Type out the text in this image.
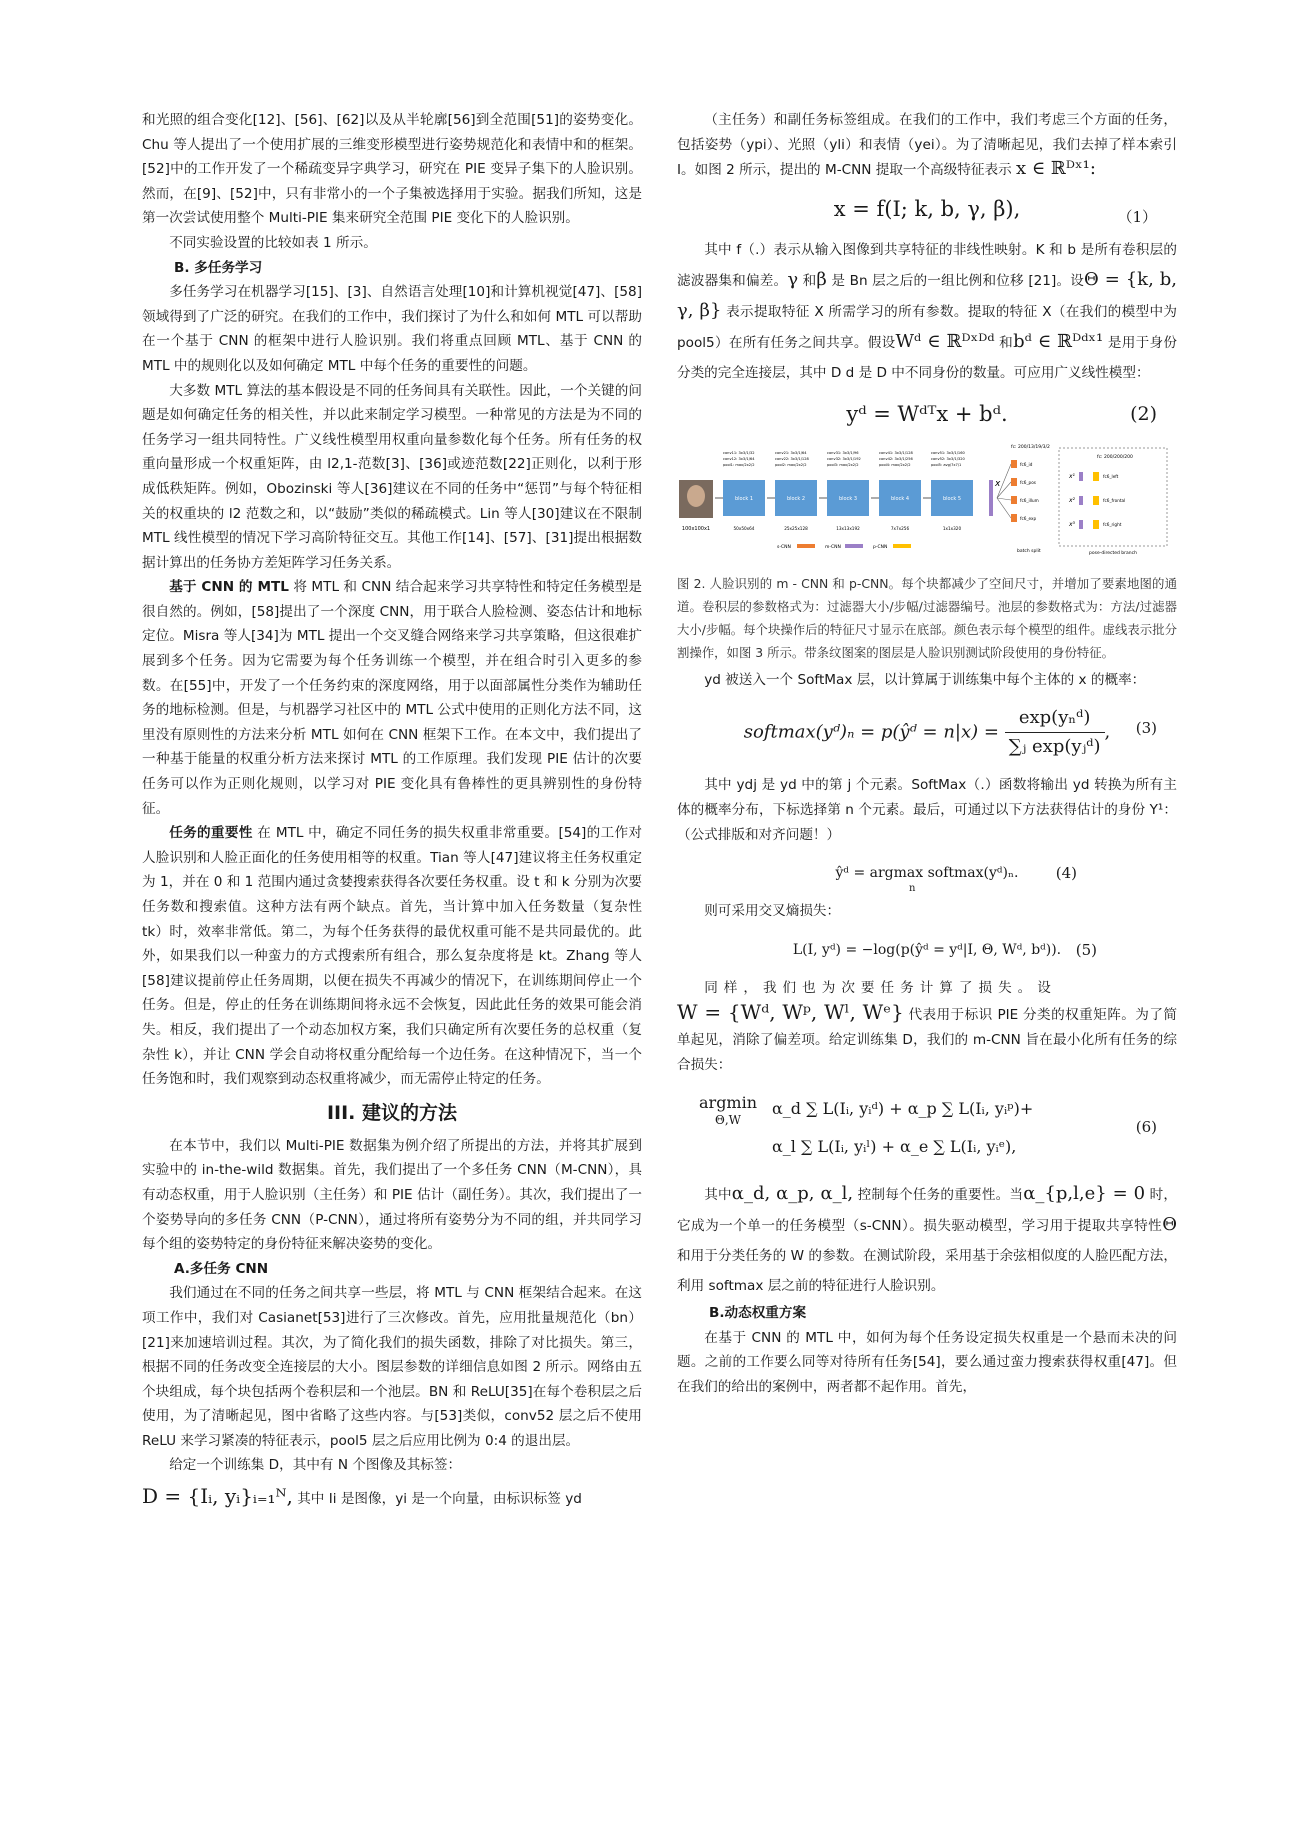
和光照的组合变化[12]、[56]、[62]以及从半轮廓[56]到全范围[51]的姿势变化。Chu 等人提出了一个使用扩展的三维变形模型进行姿势规范化和表情中和的框架。[52]中的工作开发了一个稀疏变异字典学习，研究在 PIE 变异子集下的人脸识别。然而，在[9]、[52]中，只有非常小的一个子集被选择用于实验。据我们所知，这是第一次尝试使用整个 Multi-PIE 集来研究全范围 PIE 变化下的人脸识别。

不同实验设置的比较如表 1 所示。

B. 多任务学习

多任务学习在机器学习[15]、[3]、自然语言处理[10]和计算机视觉[47]、[58]领域得到了广泛的研究。在我们的工作中，我们探讨了为什么和如何 MTL 可以帮助在一个基于 CNN 的框架中进行人脸识别。我们将重点回顾 MTL、基于 CNN 的 MTL 中的规则化以及如何确定 MTL 中每个任务的重要性的问题。

大多数 MTL 算法的基本假设是不同的任务间具有关联性。因此，一个关键的问题是如何确定任务的相关性，并以此来制定学习模型。一种常见的方法是为不同的任务学习一组共同特性。广义线性模型用权重向量参数化每个任务。所有任务的权重向量形成一个权重矩阵，由 l2,1-范数[3]、[36]或迹范数[22]正则化，以利于形成低秩矩阵。例如，Obozinski 等人[36]建议在不同的任务中“惩罚”与每个特征相关的权重块的 l2 范数之和，以“鼓励”类似的稀疏模式。Lin 等人[30]建议在不限制 MTL 线性模型的情况下学习高阶特征交互。其他工作[14]、[57]、[31]提出根据数据计算出的任务协方差矩阵学习任务关系。

基于 CNN 的 MTL 将 MTL 和 CNN 结合起来学习共享特性和特定任务模型是很自然的。例如，[58]提出了一个深度 CNN，用于联合人脸检测、姿态估计和地标定位。Misra 等人[34]为 MTL 提出一个交叉缝合网络来学习共享策略，但这很难扩展到多个任务。因为它需要为每个任务训练一个模型，并在组合时引入更多的参数。在[55]中，开发了一个任务约束的深度网络，用于以面部属性分类作为辅助任务的地标检测。但是，与机器学习社区中的 MTL 公式中使用的正则化方法不同，这里没有原则性的方法来分析 MTL 如何在 CNN 框架下工作。在本文中，我们提出了一种基于能量的权重分析方法来探讨 MTL 的工作原理。我们发现 PIE 估计的次要任务可以作为正则化规则，以学习对 PIE 变化具有鲁棒性的更具辨别性的身份特征。

任务的重要性 在 MTL 中，确定不同任务的损失权重非常重要。[54]的工作对人脸识别和人脸正面化的任务使用相等的权重。Tian 等人[47]建议将主任务权重定为 1，并在 0 和 1 范围内通过贪婪搜索获得各次要任务权重。设 t 和 k 分别为次要任务数和搜索值。这种方法有两个缺点。首先，当计算中加入任务数量（复杂性 tk）时，效率非常低。第二，为每个任务获得的最优权重可能不是共同最优的。此外，如果我们以一种蛮力的方式搜索所有组合，那么复杂度将是 kt。Zhang 等人[58]建议提前停止任务周期，以便在损失不再减少的情况下，在训练期间停止一个任务。但是，停止的任务在训练期间将永远不会恢复，因此此任务的效果可能会消失。相反，我们提出了一个动态加权方案，我们只确定所有次要任务的总权重（复杂性 k），并让 CNN 学会自动将权重分配给每一个边任务。在这种情况下，当一个任务饱和时，我们观察到动态权重将减少，而无需停止特定的任务。

III. 建议的方法

在本节中，我们以 Multi-PIE 数据集为例介绍了所提出的方法，并将其扩展到实验中的 in-the-wild 数据集。首先，我们提出了一个多任务 CNN（M-CNN），具有动态权重，用于人脸识别（主任务）和 PIE 估计（副任务）。其次，我们提出了一个姿势导向的多任务 CNN（P-CNN），通过将所有姿势分为不同的组，并共同学习每个组的姿势特定的身份特征来解决姿势的变化。

A.多任务 CNN

我们通过在不同的任务之间共享一些层，将 MTL 与 CNN 框架结合起来。在这项工作中，我们对 Casianet[53]进行了三次修改。首先，应用批量规范化（bn）[21]来加速培训过程。其次，为了简化我们的损失函数，排除了对比损失。第三，根据不同的任务改变全连接层的大小。图层参数的详细信息如图 2 所示。网络由五个块组成，每个块包括两个卷积层和一个池层。BN 和 ReLU[35]在每个卷积层之后使用，为了清晰起见，图中省略了这些内容。与[53]类似，conv52 层之后不使用 ReLU 来学习紧凑的特征表示，pool5 层之后应用比例为 0:4 的退出层。

给定一个训练集 D，其中有 N 个图像及其标签：

D = {Iᵢ, yᵢ}ᵢ₌₁ᴺ, 其中 Ii 是图像，yi 是一个向量，由标识标签 yd

（主任务）和副任务标签组成。在我们的工作中，我们考虑三个方面的任务，包括姿势（ypi）、光照（yli）和表情（yei）。为了清晰起见，我们去掉了样本索引 I。如图 2 所示，提出的 M-CNN 提取一个高级特征表示 x ∈ ℝᴰˣ¹:

x = f(I; k, b, γ, β),	（1）

其中 f（.）表示从输入图像到共享特征的非线性映射。K 和 b 是所有卷积层的滤波器集和偏差。γ 和β 是 Bn 层之后的一组比例和位移 [21]。设Θ = {k, b, γ, β} 表示提取特征 X 所需学习的所有参数。提取的特征 X（在我们的模型中为 pool5）在所有任务之间共享。假设Wᵈ ∈ ℝᴰˣᴰᵈ 和bᵈ ∈ ℝᴰᵈˣ¹ 是用于身份分类的完全连接层，其中 D d 是 D 中不同身份的数量。可应用广义线性模型：

yᵈ = Wᵈᵀx + bᵈ.	(2)
100x100x1
block 1
conv11: 3x3/1/32
conv12: 3x3/1/64
pool1: max/2x2/2
50x50x64
block 2
conv21: 3x3/1/64
conv22: 3x3/1/128
pool2: max/2x2/2
25x25x128
block 3
conv31: 3x3/1/96
conv32: 3x3/1/192
pool3: max/2x2/2
13x13x192
block 4
conv41: 3x3/1/128
conv42: 3x3/1/256
pool4: max/2x2/2
7x7x256
block 5
conv51: 3x3/1/160
conv52: 3x3/1/320
pool5: avg/7x7/1
1x1x320
x
fc: 200/13/19/3/2
fc6_id
fc6_pos
fc6_illum
fc6_exp
fc: 200/200/200
x¹	fc6_left
x²	fc6_frontal
x³	fc6_right
pose-directed branch
batch split
s-CNN	m-CNN	p-CNN

图 2. 人脸识别的 m - CNN 和 p-CNN。每个块都减少了空间尺寸，并增加了要素地图的通道。卷积层的参数格式为：过滤器大小/步幅/过滤器编号。池层的参数格式为：方法/过滤器大小/步幅。每个块操作后的特征尺寸显示在底部。颜色表示每个模型的组件。虚线表示批分割操作，如图 3 所示。带条纹图案的图层是人脸识别测试阶段使用的身份特征。

yd 被送入一个 SoftMax 层，以计算属于训练集中每个主体的 x 的概率：

softmax(yᵈ)ₙ = p(ŷᵈ = $n|x) = \frac{\text{exp(yₙᵈ)}}{\text{∑ⱼ exp(yⱼᵈ)}}$ , (3)

其中 ydj 是 yd 中的第 j 个元素。SoftMax（.）函数将输出 yd 转换为所有主体的概率分布，下标选择第 n 个元素。最后，可通过以下方法获得估计的身份 Y¹：（公式排版和对齐问题！）

ŷᵈ = argmax softmax(yᵈ)ₙ.
n
(4)

则可采用交叉熵损失：

L(I, yᵈ) = −log(p(ŷᵈ = yᵈ|I, Θ, Wᵈ, bᵈ)). (5)

同样，我们也为次要任务计算了损失。设

W = {Wᵈ, Wᵖ, Wˡ, Wᵉ} 代表用于标识 PIE 分类的权重矩阵。为了简单起见，消除了偏差项。给定训练集 D，我们的 m-CNN 旨在最小化所有任务的综合损失：

argmin
Θ,W
α_d ∑ L(Iᵢ, yᵢᵈ) + α_p ∑ L(Iᵢ, yᵢᵖ)+
α_l ∑ L(Iᵢ, yᵢˡ) + α_e ∑ L(Iᵢ, yᵢᵉ),
(6)

其中α_d, α_p, α_l, 控制每个任务的重要性。当α_{p,l,e} = 0 时，它成为一个单一的任务模型（s-CNN）。损失驱动模型，学习用于提取共享特性Θ 和用于分类任务的 W 的参数。在测试阶段，采用基于余弦相似度的人脸匹配方法，利用 softmax 层之前的特征进行人脸识别。

B.动态权重方案

在基于 CNN 的 MTL 中，如何为每个任务设定损失权重是一个悬而未决的问题。之前的工作要么同等对待所有任务[54]，要么通过蛮力搜索获得权重[47]。但在我们的给出的案例中，两者都不起作用。首先，
